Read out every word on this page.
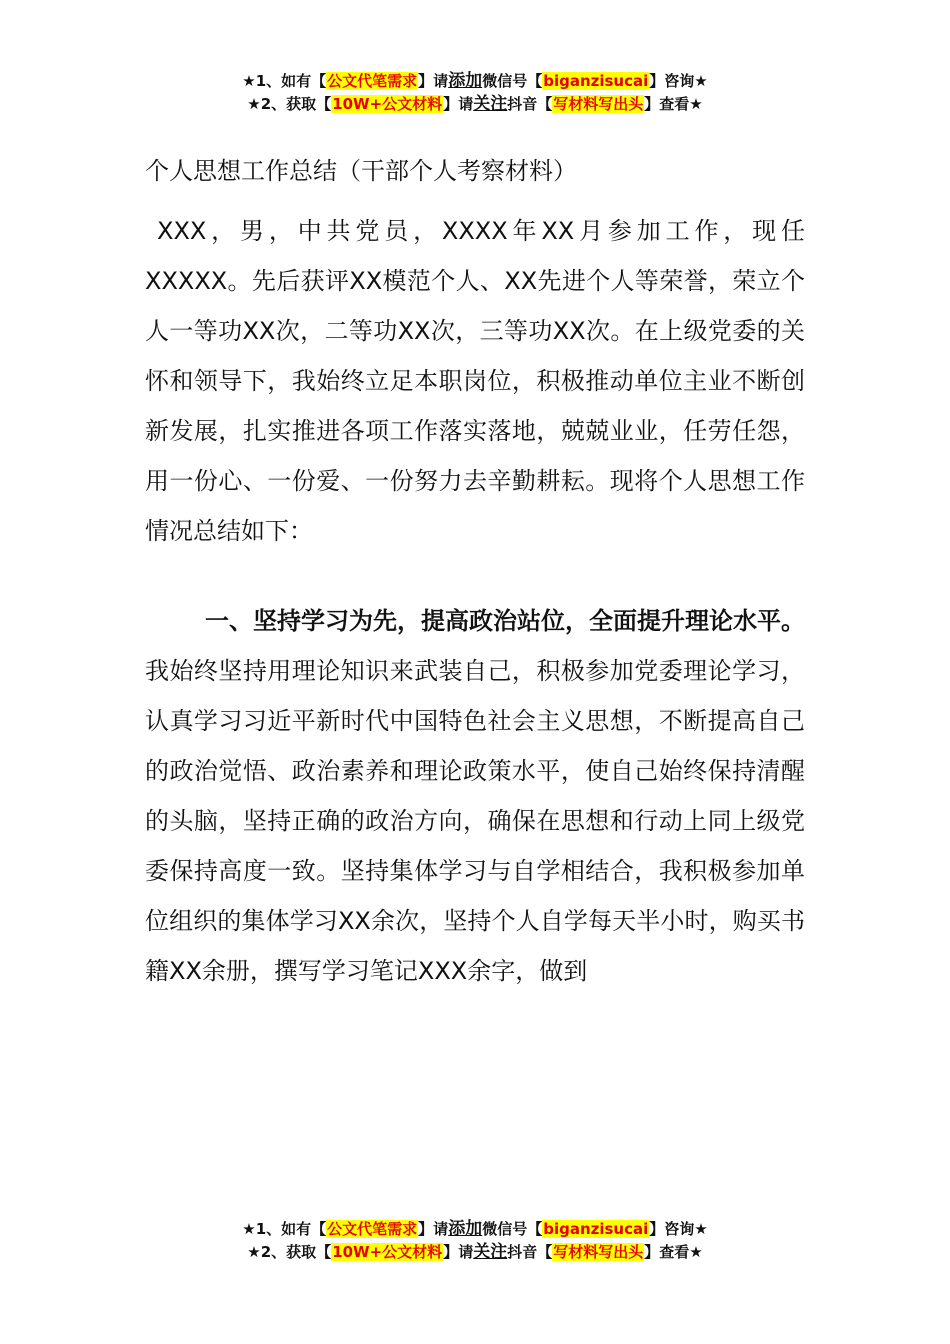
★1、如有【公文代笔需求】请添加微信号【biganzisucai】咨询★
★2、获取【10W+公文材料】请关注抖音【写材料写出头】查看★
个人思想工作总结（干部个人考察材料）

XXX，男，中共党员，XXXX年XX月参加工作，现任XXXXX。先后获评XX模范个人、XX先进个人等荣誉，荣立个人一等功XX次，二等功XX次，三等功XX次。在上级党委的关怀和领导下，我始终立足本职岗位，积极推动单位主业不断创新发展，扎实推进各项工作落实落地，兢兢业业，任劳任怨，用一份心、一份爱、一份努力去辛勤耕耘。现将个人思想工作情况总结如下：

一、坚持学习为先，提高政治站位，全面提升理论水平。我始终坚持用理论知识来武装自己，积极参加党委理论学习，认真学习习近平新时代中国特色社会主义思想，不断提高自己的政治觉悟、政治素养和理论政策水平，使自己始终保持清醒的头脑，坚持正确的政治方向，确保在思想和行动上同上级党委保持高度一致。坚持集体学习与自学相结合，我积极参加单位组织的集体学习XX余次，坚持个人自学每天半小时，购买书籍XX余册，撰写学习笔记XXX余字，做到

★1、如有【公文代笔需求】请添加微信号【biganzisucai】咨询★
★2、获取【10W+公文材料】请关注抖音【写材料写出头】查看★
